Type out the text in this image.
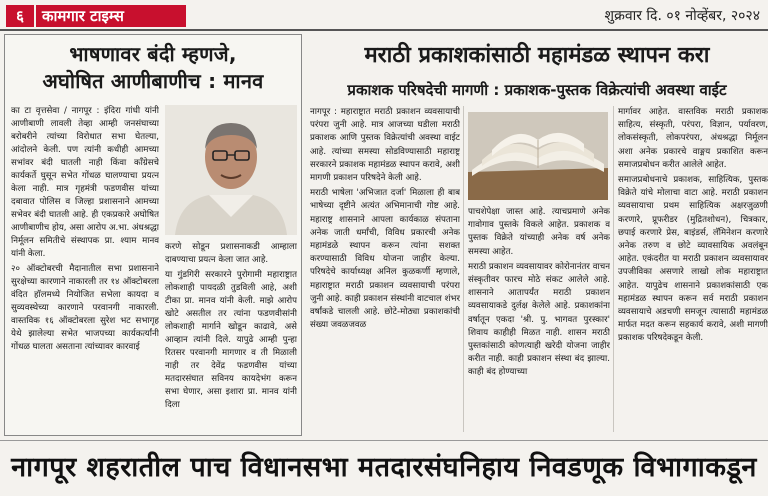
६	कामगार टाइम्स	शुक्रवार दि. ०१ नोव्हेंबर, २०२४
भाषणावर बंदी म्हणजे,
अघोषित आणीबाणीच : मानव

का टा वृत्तसेवा / नागपूर : इंदिरा गांधी यांनी आणीबाणी लावली तेव्हा आम्ही जनसंघाच्या बरोबरीने त्यांच्या विरोधात सभा घेतल्या, आंदोलने केली. पण त्यांनी कधीही आमच्या सभांवर बंदी घातली नाही किंवा काँग्रेसचे कार्यकर्ते घुसून सभेत गोंधळ घालण्याचा प्रयत्न केला नाही. मात्र गृहमंत्री फडणवीस यांच्या दबावात पोलिस व जिल्हा प्रशासनाने आमच्या सभेवर बंदी घातली आहे. ही एकप्रकारे अघोषित आणीबाणीच होय, असा आरोप अ.भा. अंधश्रद्धा निर्मूलन समितीचे संस्थापक प्रा. श्याम मानव यांनी केला.

२० ऑक्टोबरची मैदानातील सभा प्रशासनाने सुरक्षेच्या कारणाने नाकारली तर १४ ऑक्टोबरला वंदित हॉलमध्ये नियोजित सभेला कायदा व सुव्यवस्थेच्या कारणाने परवानगी नाकारली. वास्तविक १६ ऑक्टोबरला सुरेश भट सभागृह येथे झालेल्या सभेत भाजपच्या कार्यकर्त्यांनी गोंधळ घालता असताना त्यांच्यावर कारवाई

करणे सोडून प्रशासनाकडी आम्हाला दाबण्याचा प्रयत्न केला जात आहे.

या गुंडगिरी सरकारने पुरोगामी महाराष्ट्रात लोकशाही पायदळी तुडविली आहे, अशी टीका प्रा. मानव यांनी केली. माझे आरोप खोटे असतील तर त्यांना फडणवीसांनी लोकशाही मार्गाने खोडून काढावे, असे आव्हान त्यांनी दिले. यापुढे आम्ही पुन्हा रितसर परवानगी मागणार व ती मिळाली नाही तर देवेंद्र फडणवीस यांच्या मतदारसंघात सविनय कायदेभंग करून सभा घेणार, असा इशारा प्रा. मानव यांनी दिला

मराठी प्रकाशकांसाठी महामंडळ स्थापन करा
प्रकाशक परिषदेची मागणी : प्रकाशक-पुस्तक विक्रेत्यांची अवस्था वाईट

नागपूर : महाराष्ट्रात मराठी प्रकाशन व्यवसायाची परंपरा जुनी आहे. मात्र आजच्या घडीला मराठी प्रकाशक आणि पुस्तक विक्रेत्यांची अवस्था वाईट आहे. त्यांच्या समस्या सोडविण्यासाठी महाराष्ट्र सरकारने प्रकाशक महामंडळ स्थापन करावे, अशी मागणी प्रकाशन परिषदेने केली आहे.

मराठी भाषेला 'अभिजात दर्जा' मिळाला ही बाब भाषेच्या दृष्टीने अत्यंत अभिमानाची गोष्ट आहे. महाराष्ट्र शासनाने आपला कार्यकाळ संपताना अनेक जाती धर्मांची, विविध प्रकारची अनेक महामंडळे स्थापन करून त्यांना सशक्त करण्यासाठी विविध योजना जाहीर केल्या. परिषदेचे कार्याध्यक्ष अनिल कुळकर्णी म्हणाले, महाराष्ट्रात मराठी प्रकाशन व्यवसायाची परंपरा जुनी आहे. काही प्रकाशन संस्थांनी वाटचाल शंभर वर्षांकडे चालली आहे. छोटे-मोठ्या प्रकाशकांची संख्या जवळजवळ

पाचशेपेक्षा जास्त आहे. त्याचप्रमाणे अनेक गावोगाव पुस्तके विकले आहेत. प्रकाशक व पुस्तक विक्रेते यांच्याही अनेक वर्ष अनेक समस्या आहेत.

मराठी प्रकाशन व्यवसायावर कोरोनानंतर वाचन संस्कृतीवर फारच मोठे संकट आलेले आहे. शासनाने आतापर्यंत मराठी प्रकाशन व्यवसायाकडे दुर्लक्ष केलेले आहे. प्रकाशकांना वर्षातून एकदा 'श्री. पु. भागवत पुरस्कार' शिवाय काहीही मिळत नाही. शासन मराठी पुस्तकांसाठी कोणत्याही खरेदी योजना जाहीर करीत नाही. काही प्रकाशन संस्था बंद झाल्या. काही बंद होण्याच्या

मार्गावर आहेत. वास्तविक मराठी प्रकाशक साहित्य, संस्कृती, परंपरा, विज्ञान, पर्यावरण, लोकसंस्कृती, लोकपरंपरा, अंधश्रद्धा निर्मूलन अशा अनेक प्रकारचे वाङ्मय प्रकाशित करून समाजप्रबोधन करीत आलेले आहेत.

समाजप्रबोधनाचे प्रकाशक, साहित्यिक, पुस्तक विक्रेते यांचे मोलाचा वाटा आहे. मराठी प्रकाशन व्यवसायाचा प्रथम साहित्यिक अक्षरजुळणी करणारे, प्रूफरीडर (मुद्रितशोधन), चित्रकार, छपाई करणारे प्रेस, बाइंडर्स, लॅमिनेशन करणारे अनेक तरुण व छोटे व्यावसायिक अवलंबून आहेत. एकंदरीत या मराठी प्रकाशन व्यवसायावर उपजीविका असणारे लाखो लोक महाराष्ट्रात आहेत. यापुढेच शासनाने प्रकाशकांसाठी एक महामंडळ स्थापन करून सर्व मराठी प्रकाशन व्यवसायाचे अडचणी समजून त्यासाठी महामंडळ मार्फत मदत करून सहकार्य करावे, अशी मागणी प्रकाशक परिषदेकडून केली.

नागपूर शहरातील पाच विधानसभा मतदारसंघनिहाय निवडणूक विभागाकडून
